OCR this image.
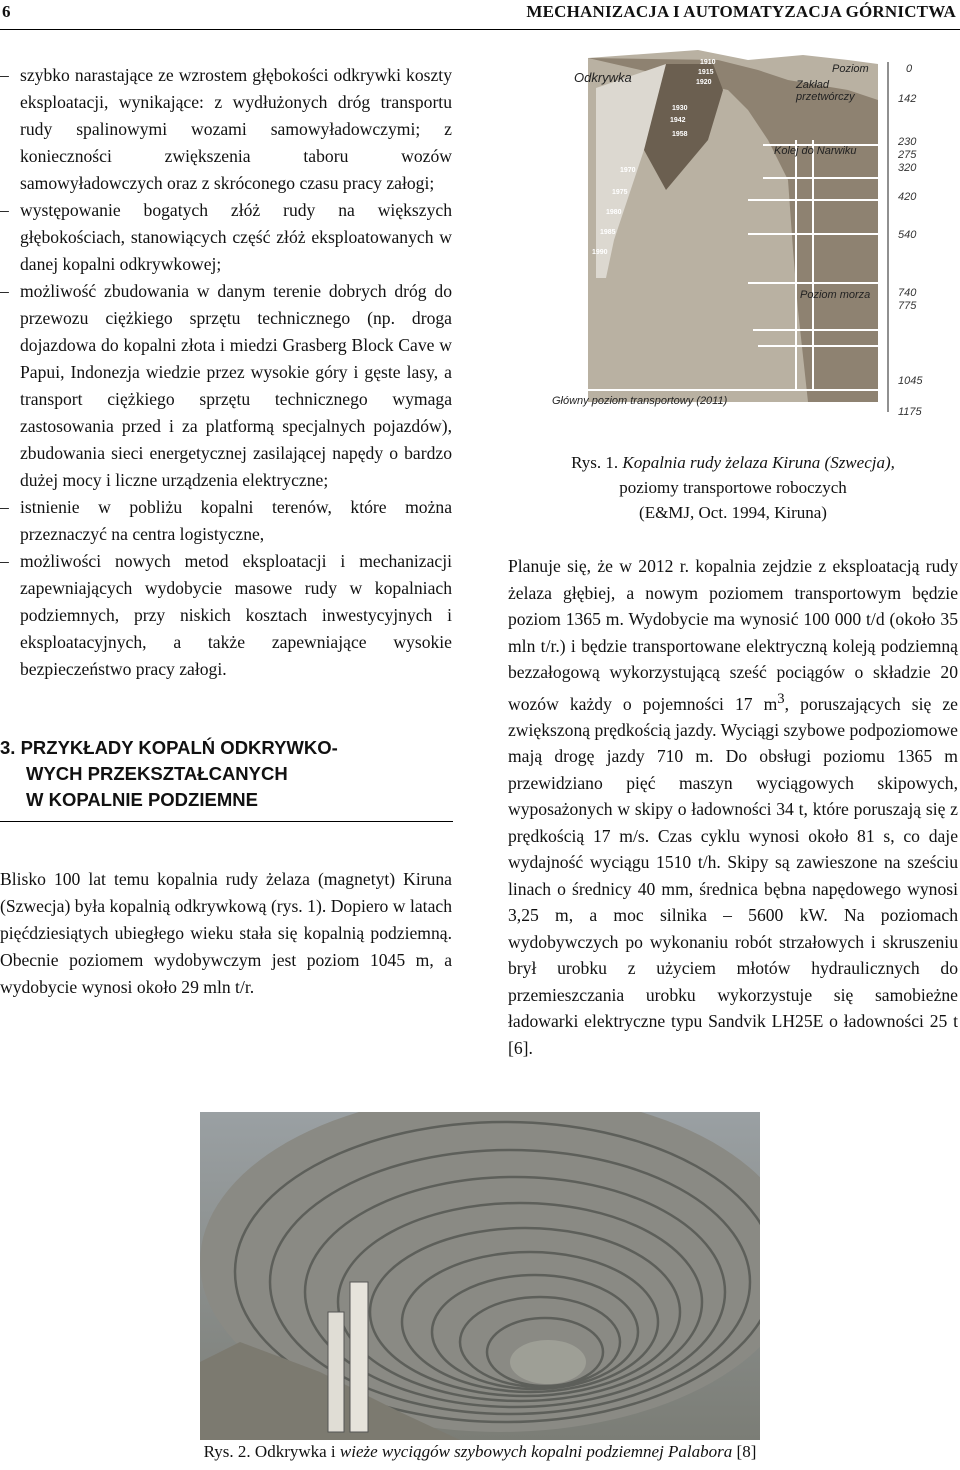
6	MECHANIZACJA I AUTOMATYZACJA GÓRNICTWA
– szybko narastające ze wzrostem głębokości odkrywki koszty eksploatacji, wynikające: z wydłużonych dróg transportu rudy spalinowymi wozami samowyładowczymi; z konieczności zwiększenia taboru wozów samowyładowczych oraz z skróconego czasu pracy załogi;
– występowanie bogatych złóż rudy na większych głębokościach, stanowiących część złóż eksploatowanych w danej kopalni odkrywkowej;
– możliwość zbudowania w danym terenie dobrych dróg do przewozu ciężkiego sprzętu technicznego (np. droga dojazdowa do kopalni złota i miedzi Grasberg Block Cave w Papui, Indonezja wiedzie przez wysokie góry i gęste lasy, a transport ciężkiego sprzętu technicznego wymaga zastosowania przed i za platformą specjalnych pojazdów), zbudowania sieci energetycznej zasilającej napędy o bardzo dużej mocy i liczne urządzenia elektryczne;
– istnienie w pobliżu kopalni terenów, które można przeznaczyć na centra logistyczne,
– możliwości nowych metod eksploatacji i mechanizacji zapewniających wydobycie masowe rudy w kopalniach podziemnych, przy niskich kosztach inwestycyjnych i eksploatacyjnych, a także zapewniające wysokie bezpieczeństwo pracy załogi.
3. PRZYKŁADY KOPALŃ ODKRYWKO-
WYCH PRZEKSZTAŁCANYCH
W KOPALNIE PODZIEMNE

Blisko 100 lat temu kopalnia rudy żelaza (magnetyt) Kiruna (Szwecja) była kopalnią odkrywkową (rys. 1). Dopiero w latach pięćdziesiątych ubiegłego wieku stała się kopalnią podziemną. Obecnie poziomem wydobywczym jest poziom 1045 m, a wydobycie wynosi około 29 mln t/r.

0
142
230
275
320
420
540
740
775
1045
1175
Odkrywka
Poziom
Zakład
przetwórczy
Kolej do Narwiku
Poziom morza
Główny poziom transportowy (2011)
1910
1915
1920
1930
1942
1958
1970
1975
1980
1985
1990
Rys. 1. Kopalnia rudy żelaza Kiruna (Szwecja),
poziomy transportowe roboczych
(E&MJ, Oct. 1994, Kiruna)

Planuje się, że w 2012 r. kopalnia zejdzie z eksploatacją rudy żelaza głębiej, a nowym poziomem transportowym będzie poziom 1365 m. Wydobycie ma wynosić 100 000 t/d (około 35 mln t/r.) i będzie transportowane elektryczną koleją podziemną bezzałogową wykorzystującą sześć pociągów o składzie 20 wozów każdy o pojemności 17 $m^3$, poruszających się ze zwiększoną prędkością jazdy. Wyciągi szybowe podpoziomowe mają drogę jazdy 710 m. Do obsługi poziomu 1365 m przewidziano pięć maszyn wyciągowych skipowych, wyposażonych w skipy o ładowności 34 t, które poruszają się z prędkością 17 m/s. Czas cyklu wynosi około 81 s, co daje wydajność wyciągu 1510 t/h. Skipy są zawieszone na sześciu linach o średnicy 40 mm, średnica bębna napędowego wynosi 3,25 m, a moc silnika – 5600 kW. Na poziomach wydobywczych po wykonaniu robót strzałowych i skruszeniu brył urobku z użyciem młotów hydraulicznych do przemieszczania urobku wykorzystuje się samobieżne ładowarki elektryczne typu Sandvik LH25E o ładowności 25 t [6].

Rys. 2. Odkrywka i wieże wyciągów szybowych kopalni podziemnej Palabora [8]
